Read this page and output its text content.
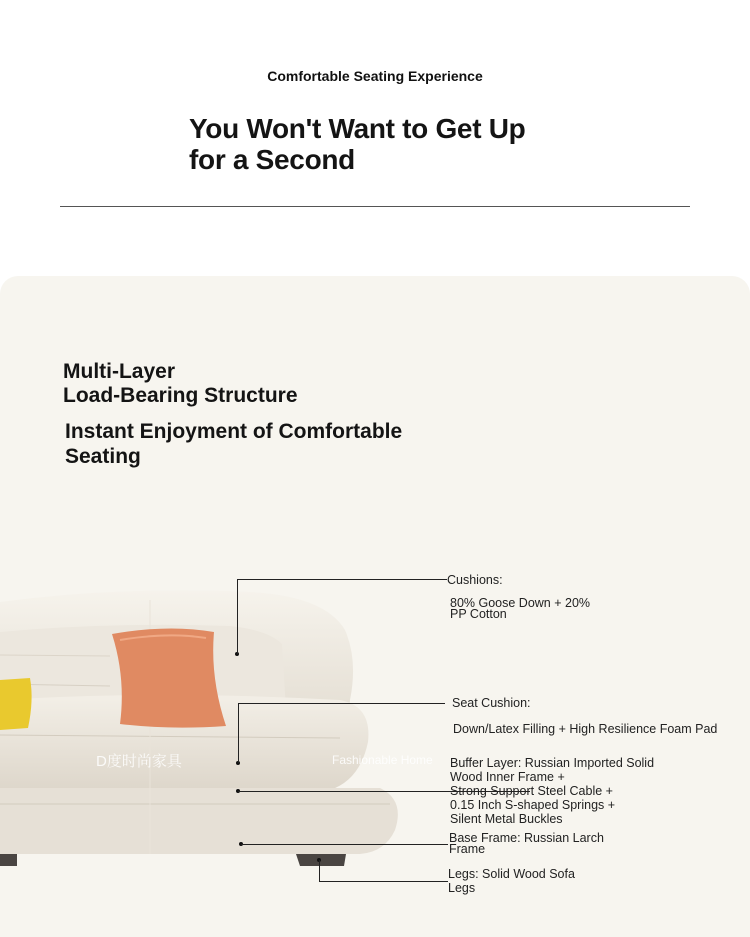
Comfortable Seating Experience
You Won't Want to Get Up
for a Second
Multi-Layer
Load-Bearing Structure
Instant Enjoyment of Comfortable
Seating
D度时尚家具	Fashionable Home
Cushions:
80% Goose Down + 20%
PP Cotton
Seat Cushion:
Down/Latex Filling + High Resilience Foam Pad
Buffer Layer: Russian Imported Solid
Wood Inner Frame +
Strong Support Steel Cable +
0.15 Inch S-shaped Springs +
Silent Metal Buckles
Base Frame: Russian Larch
Frame
Legs: Solid Wood Sofa
Legs
